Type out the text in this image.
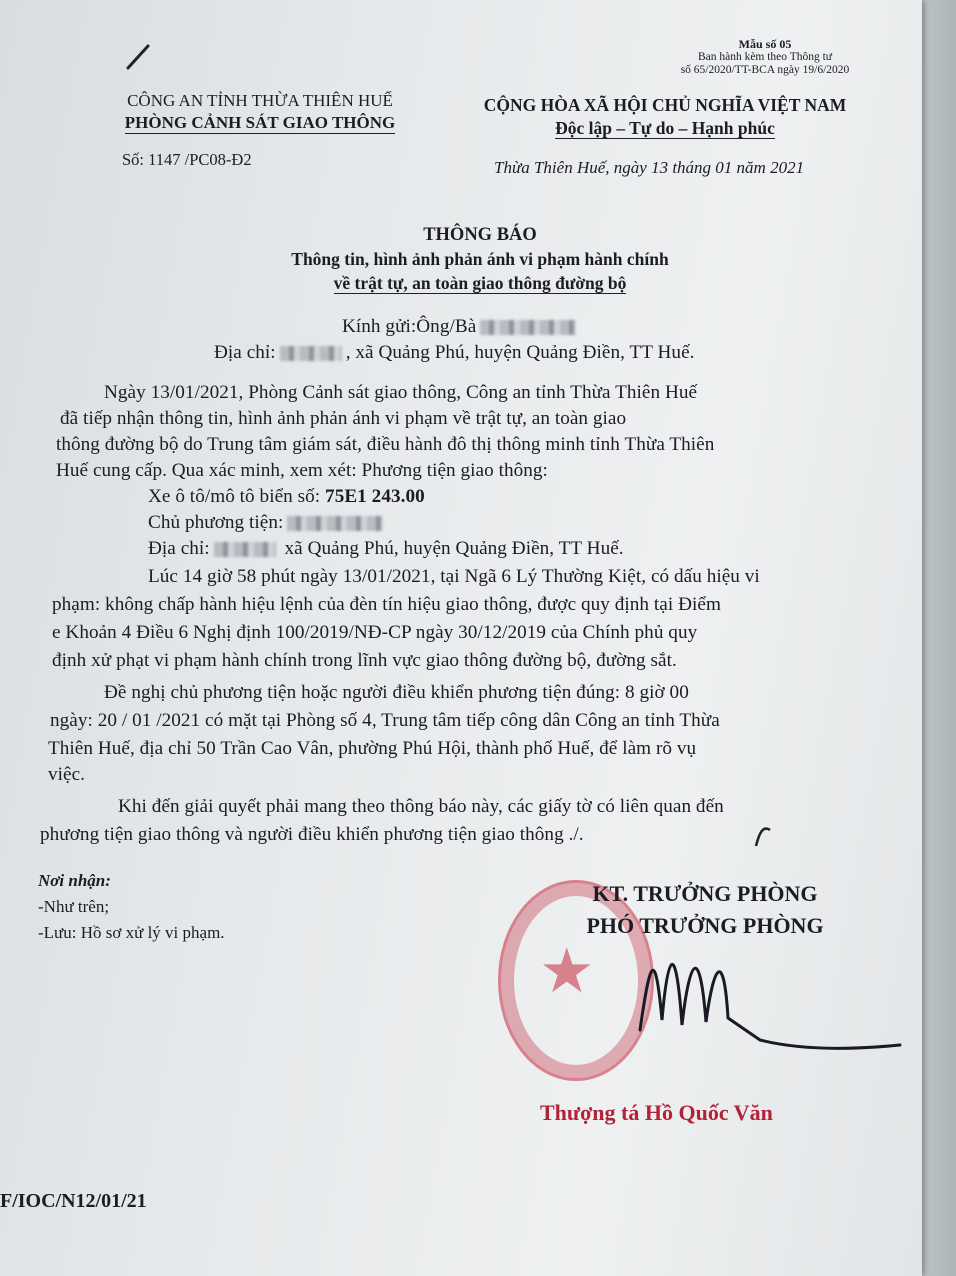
Mẫu số 05
Ban hành kèm theo Thông tư
số 65/2020/TT-BCA ngày 19/6/2020
CÔNG AN TỈNH THỪA THIÊN HUẾ
PHÒNG CẢNH SÁT GIAO THÔNG
Số: 1147 /PC08-Đ2
CỘNG HÒA XÃ HỘI CHỦ NGHĨA VIỆT NAM
Độc lập – Tự do – Hạnh phúc
Thừa Thiên Huế, ngày 13 tháng 01 năm 2021
THÔNG BÁO
Thông tin, hình ảnh phản ánh vi phạm hành chính
về trật tự, an toàn giao thông đường bộ
Kính gửi:Ông/Bà
Địa chỉ:	, xã Quảng Phú, huyện Quảng Điền, TT Huế.
Ngày 13/01/2021, Phòng Cảnh sát giao thông, Công an tỉnh Thừa Thiên Huế
đã tiếp nhận thông tin, hình ảnh phản ánh vi phạm về trật tự, an toàn giao
thông đường bộ do Trung tâm giám sát, điều hành đô thị thông minh tỉnh Thừa Thiên
Huế cung cấp. Qua xác minh, xem xét: Phương tiện giao thông:
Xe ô tô/mô tô biển số: 75E1 243.00
Chủ phương tiện:
Địa chỉ:	xã Quảng Phú, huyện Quảng Điền, TT Huế.
Lúc 14 giờ 58 phút ngày 13/01/2021, tại Ngã 6 Lý Thường Kiệt, có dấu hiệu vi
phạm: không chấp hành hiệu lệnh của đèn tín hiệu giao thông, được quy định tại Điểm
e Khoản 4 Điều 6 Nghị định 100/2019/NĐ-CP ngày 30/12/2019 của Chính phủ quy
định xử phạt vi phạm hành chính trong lĩnh vực giao thông đường bộ, đường sắt.
Đề nghị chủ phương tiện hoặc người điều khiển phương tiện đúng: 8 giờ 00
ngày: 20 / 01 /2021 có mặt tại Phòng số 4, Trung tâm tiếp công dân Công an tỉnh Thừa
Thiên Huế, địa chỉ 50 Trần Cao Vân, phường Phú Hội, thành phố Huế, để làm rõ vụ
việc.
Khi đến giải quyết phải mang theo thông báo này, các giấy tờ có liên quan đến
phương tiện giao thông và người điều khiển phương tiện giao thông ./.
Nơi nhận:
-Như trên;
-Lưu: Hồ sơ xử lý vi phạm.
★
KT. TRƯỞNG PHÒNG
PHÓ TRƯỞNG PHÒNG
Thượng tá Hồ Quốc Văn
F/IOC/N12/01/21
